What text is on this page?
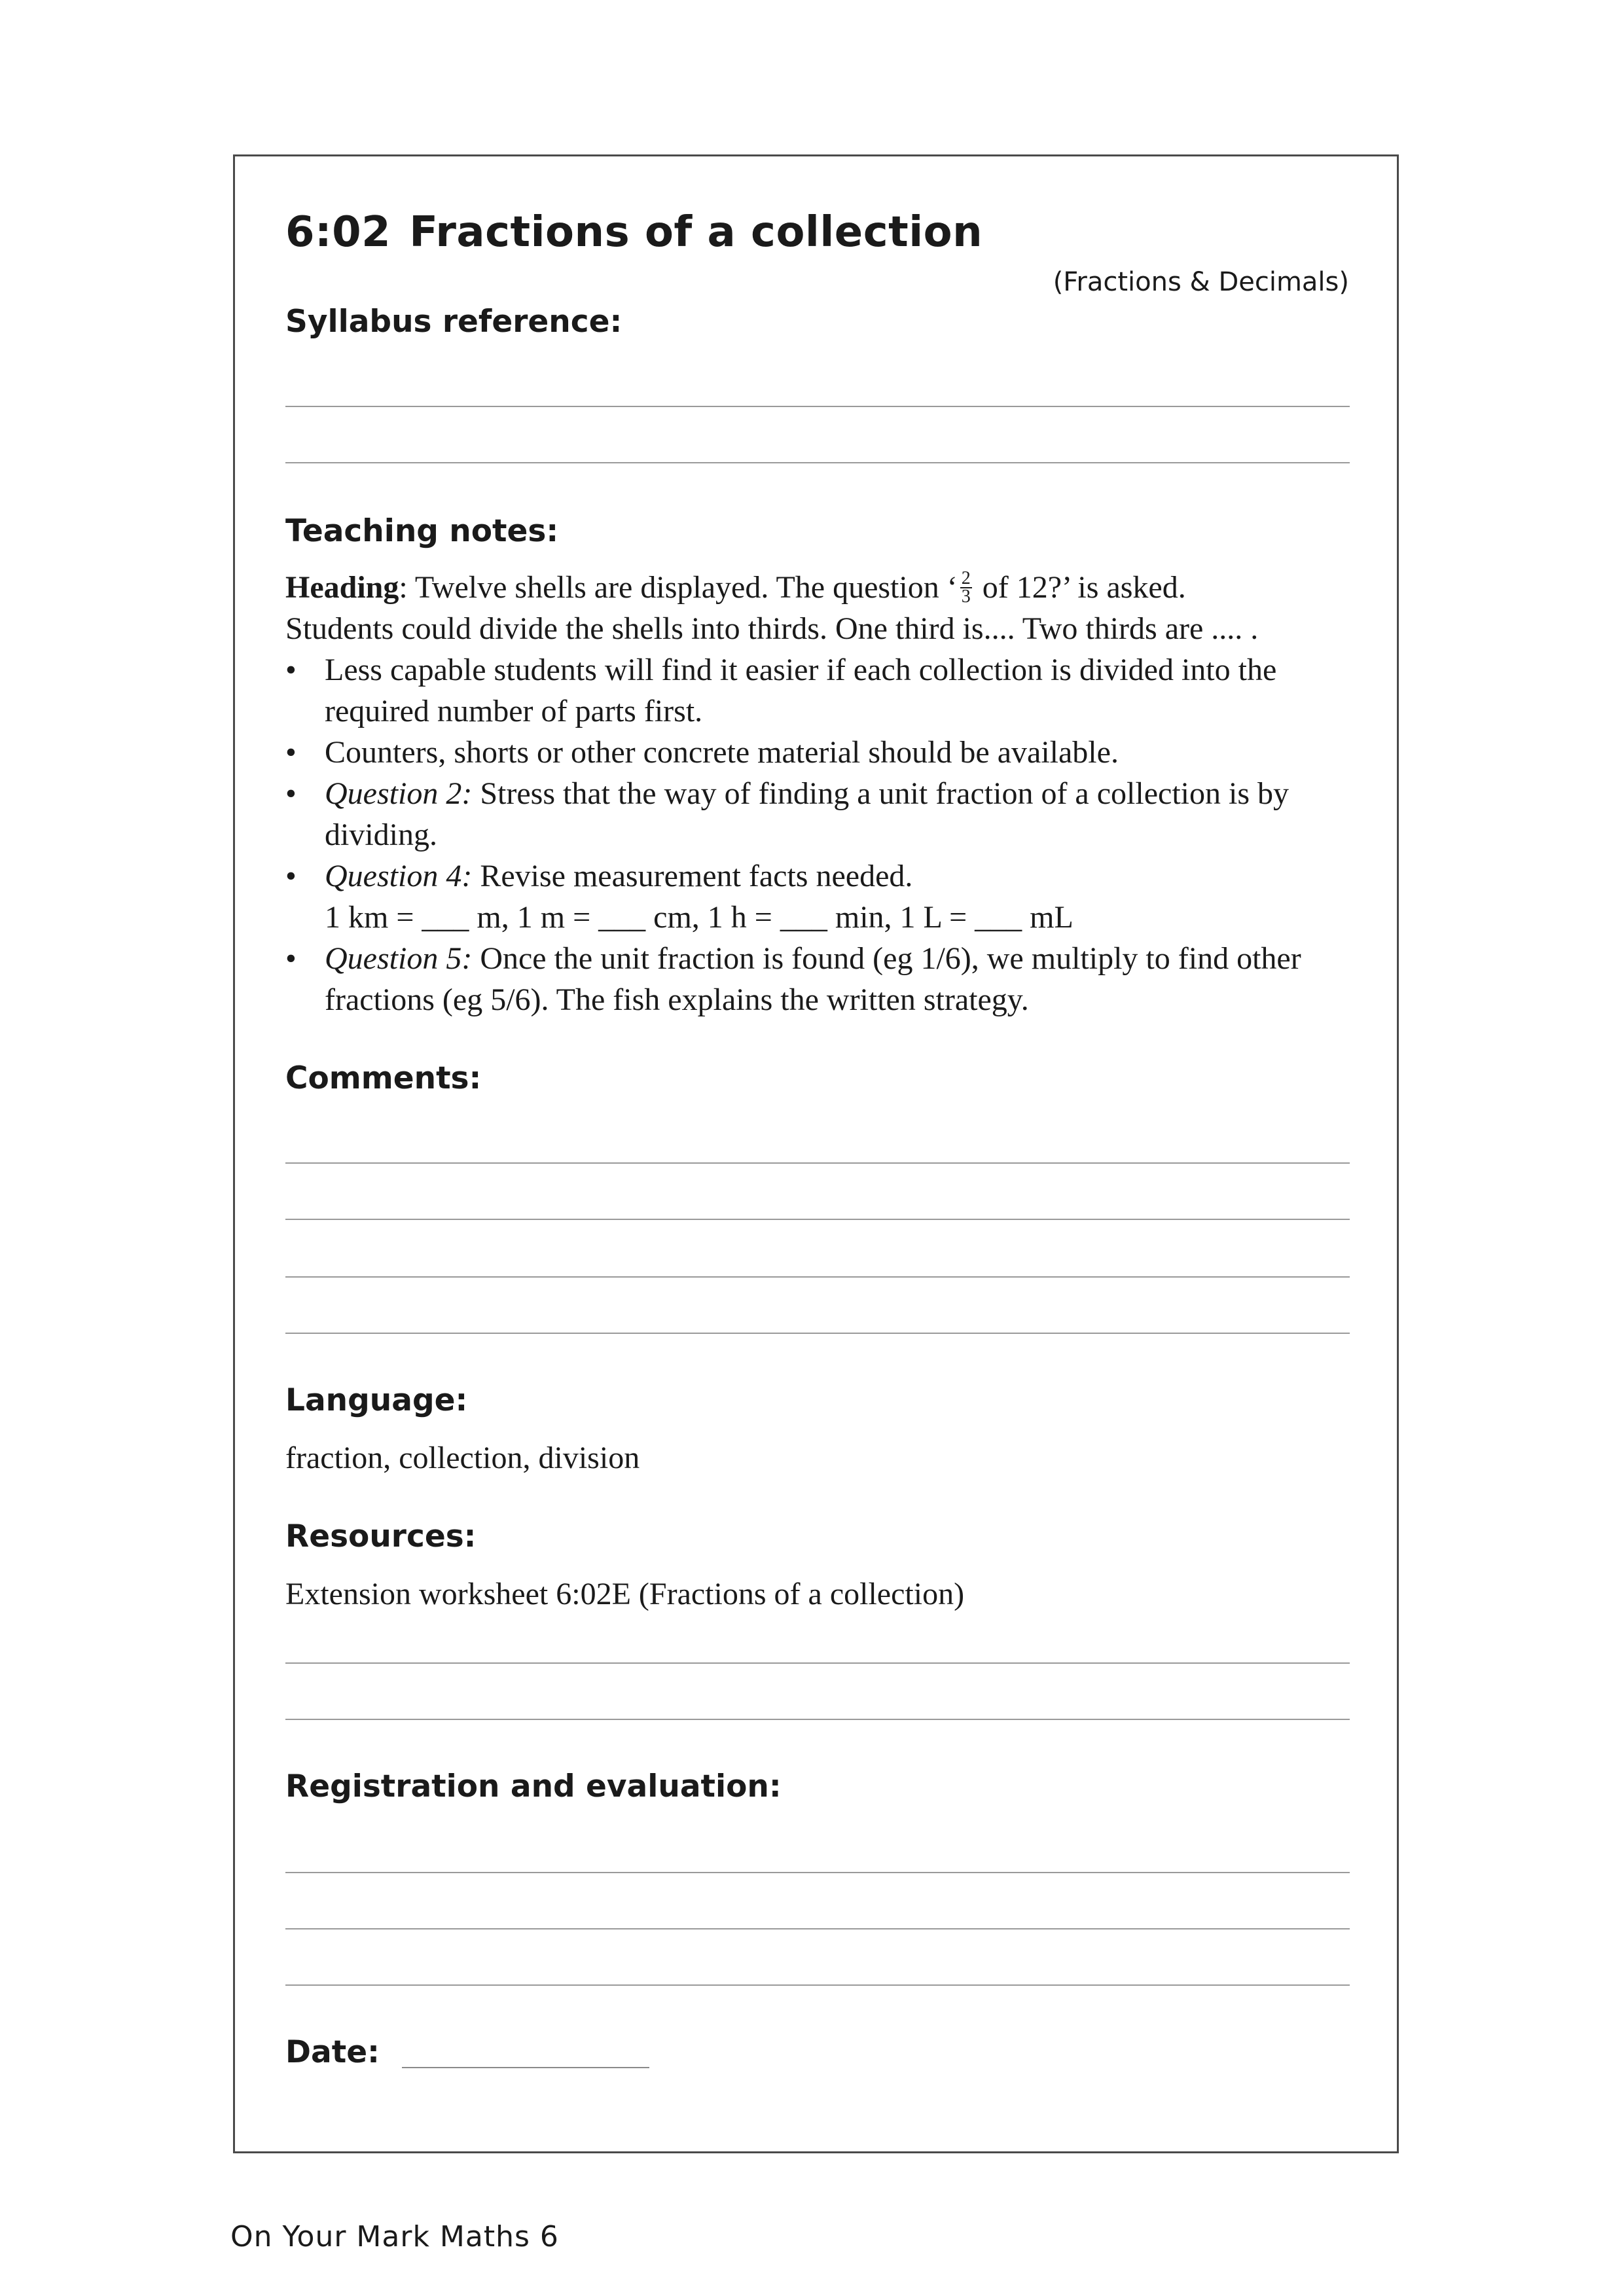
6:02 Fractions of a collection
(Fractions & Decimals)
Syllabus reference:
Teaching notes:

Heading: Twelve shells are displayed. The question ‘ $\frac{2}{3}$ of 12?’ is asked.

Students could divide the shells into thirds. One third is.... Two thirds are .... .

• Less capable students will find it easier if each collection is divided into the required number of parts first.
• Counters, shorts or other concrete material should be available.
• Question 2: Stress that the way of finding a unit fraction of a collection is by dividing.
• Question 4: Revise measurement facts needed.
1 km = ___ m, 1 m = ___ cm, 1 h = ___ min, 1 L = ___ mL
• Question 5: Once the unit fraction is found (eg 1/6), we multiply to find other fractions (eg 5/6). The fish explains the written strategy.
Comments:
Language:
fraction, collection, division
Resources:
Extension worksheet 6:02E (Fractions of a collection)
Registration and evaluation:
Date:
On Your Mark Maths 6
